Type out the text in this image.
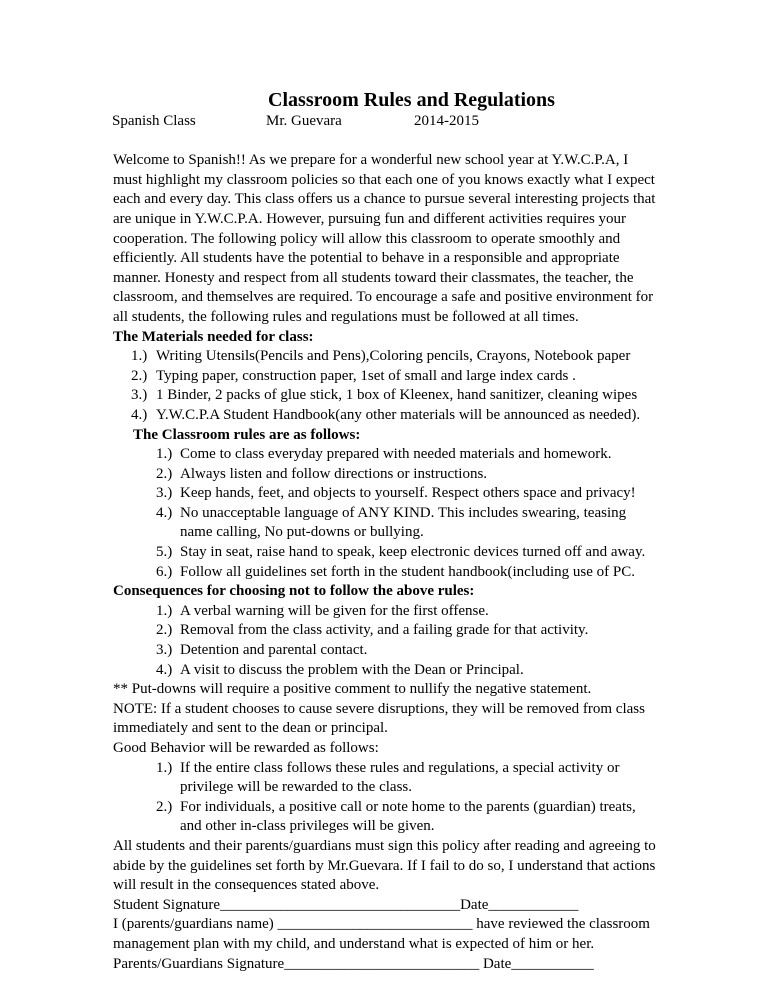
Classroom Rules and Regulations
Spanish Class	Mr. Guevara	2014-2015
Welcome to Spanish!! As we prepare for a wonderful new school year at Y.W.C.P.A, I must highlight my classroom policies so that each one of you knows exactly what I expect each and every day. This class offers us a chance to pursue several interesting projects that are unique in Y.W.C.P.A. However, pursuing fun and different activities requires your cooperation. The following policy will allow this classroom to operate smoothly and efficiently. All students have the potential to behave in a responsible and appropriate manner. Honesty and respect from all students toward their classmates, the teacher, the classroom, and themselves are required. To encourage a safe and positive environment for all students, the following rules and regulations must be followed at all times.
The Materials needed for class:
1.) Writing Utensils(Pencils and Pens),Coloring pencils, Crayons, Notebook paper
2.) Typing paper, construction paper, 1set of small and large index cards .
3.) 1 Binder, 2 packs of glue stick, 1 box of Kleenex, hand sanitizer, cleaning wipes
4.) Y.W.C.P.A Student Handbook(any other materials will be announced as needed).
The Classroom rules are as follows:
1.) Come to class everyday prepared with needed materials and homework.
2.) Always listen and follow directions or instructions.
3.) Keep hands, feet, and objects to yourself. Respect others space and privacy!
4.) No unacceptable language of ANY KIND. This includes swearing, teasing name calling, No put-downs or bullying.
5.) Stay in seat, raise hand to speak, keep electronic devices turned off and away.
6.) Follow all guidelines set forth in the student handbook(including use of PC.
Consequences for choosing not to follow the above rules:
1.) A verbal warning will be given for the first offense.
2.) Removal from the class activity, and a failing grade for that activity.
3.) Detention and parental contact.
4.) A visit to discuss the problem with the Dean or Principal.
** Put-downs will require a positive comment to nullify the negative statement.
NOTE: If a student chooses to cause severe disruptions, they will be removed from class immediately and sent to the dean or principal.
Good Behavior will be rewarded as follows:
1.) If the entire class follows these rules and regulations, a special activity or privilege will be rewarded to the class.
2.) For individuals, a positive call or note home to the parents (guardian) treats, and other in-class privileges will be given.
All students and their parents/guardians must sign this policy after reading and agreeing to abide by the guidelines set forth by Mr.Guevara. If I fail to do so, I understand that actions will result in the consequences stated above.
Student Signature________________________________Date____________
I (parents/guardians name) __________________________ have reviewed the classroom management plan with my child, and understand what is expected of him or her.
Parents/Guardians Signature__________________________ Date___________
